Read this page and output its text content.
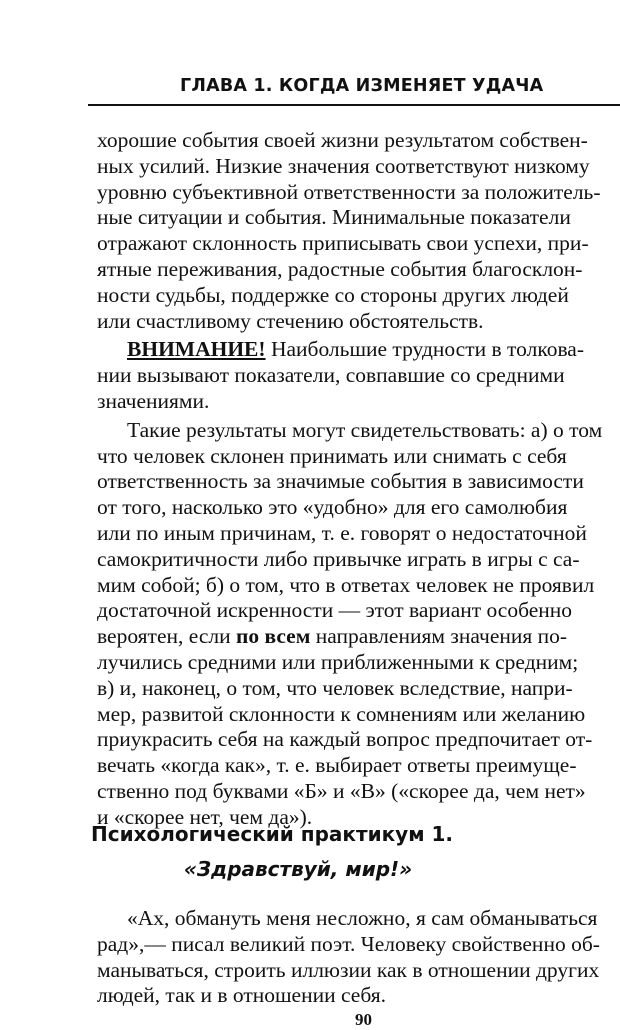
ГЛАВА 1. КОГДА ИЗМЕНЯЕТ УДАЧА
хорошие события своей жизни результатом собствен-
ных усилий. Низкие значения соответствуют низкому
уровню субъективной ответственности за положитель-
ные ситуации и события. Минимальные показатели
отражают склонность приписывать свои успехи, при-
ятные переживания, радостные события благосклон-
ности судьбы, поддержке со стороны других людей
или счастливому стечению обстоятельств.
ВНИМАНИЕ! Наибольшие трудности в толкова-
нии вызывают показатели, совпавшие со средними
значениями.
Такие результаты могут свидетельствовать: а) о том
что человек склонен принимать или снимать с себя
ответственность за значимые события в зависимости
от того, насколько это «удобно» для его самолюбия
или по иным причинам, т. е. говорят о недостаточной
самокритичности либо привычке играть в игры с са-
мим собой; б) о том, что в ответах человек не проявил
достаточной искренности — этот вариант особенно
вероятен, если по всем направлениям значения по-
лучились средними или приближенными к средним;
в) и, наконец, о том, что человек вследствие, напри-
мер, развитой склонности к сомнениям или желанию
приукрасить себя на каждый вопрос предпочитает от-
вечать «когда как», т. е. выбирает ответы преимуще-
ственно под буквами «Б» и «В» («скорее да, чем нет»
и «скорее нет, чем да»).
Психологический практикум 1.
«Здравствуй, мир!»
«Ах, обмануть меня несложно, я сам обманываться
рад»,— писал великий поэт. Человеку свойственно об-
манываться, строить иллюзии как в отношении других
людей, так и в отношении себя.
90
